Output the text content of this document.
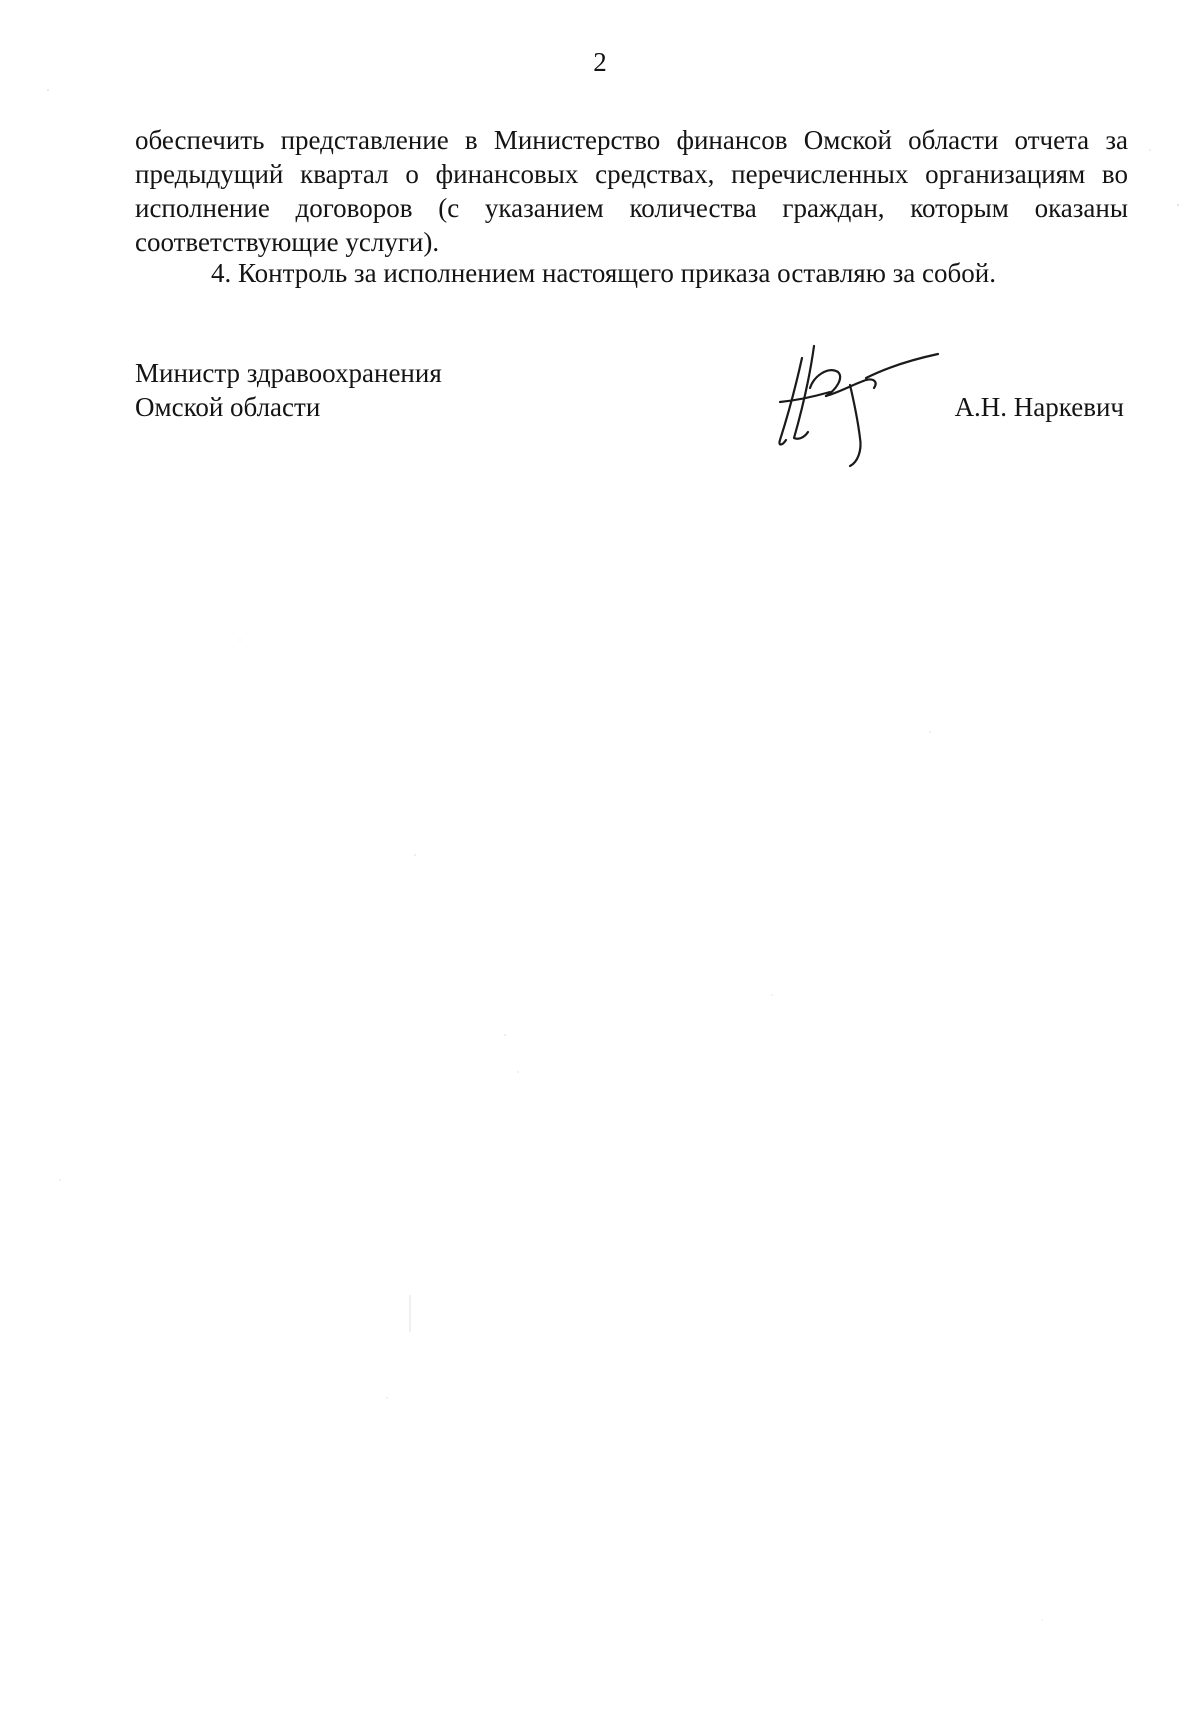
2

обеспечить представление в Министерство финансов Омской области отчета за предыдущий квартал о финансовых средствах, перечисленных организациям во исполнение договоров (с указанием количества граждан, которым оказаны соответствующие услуги).

4. Контроль за исполнением настоящего приказа оставляю за собой.

Министр здравоохранения
Омской области	А.Н. Наркевич
